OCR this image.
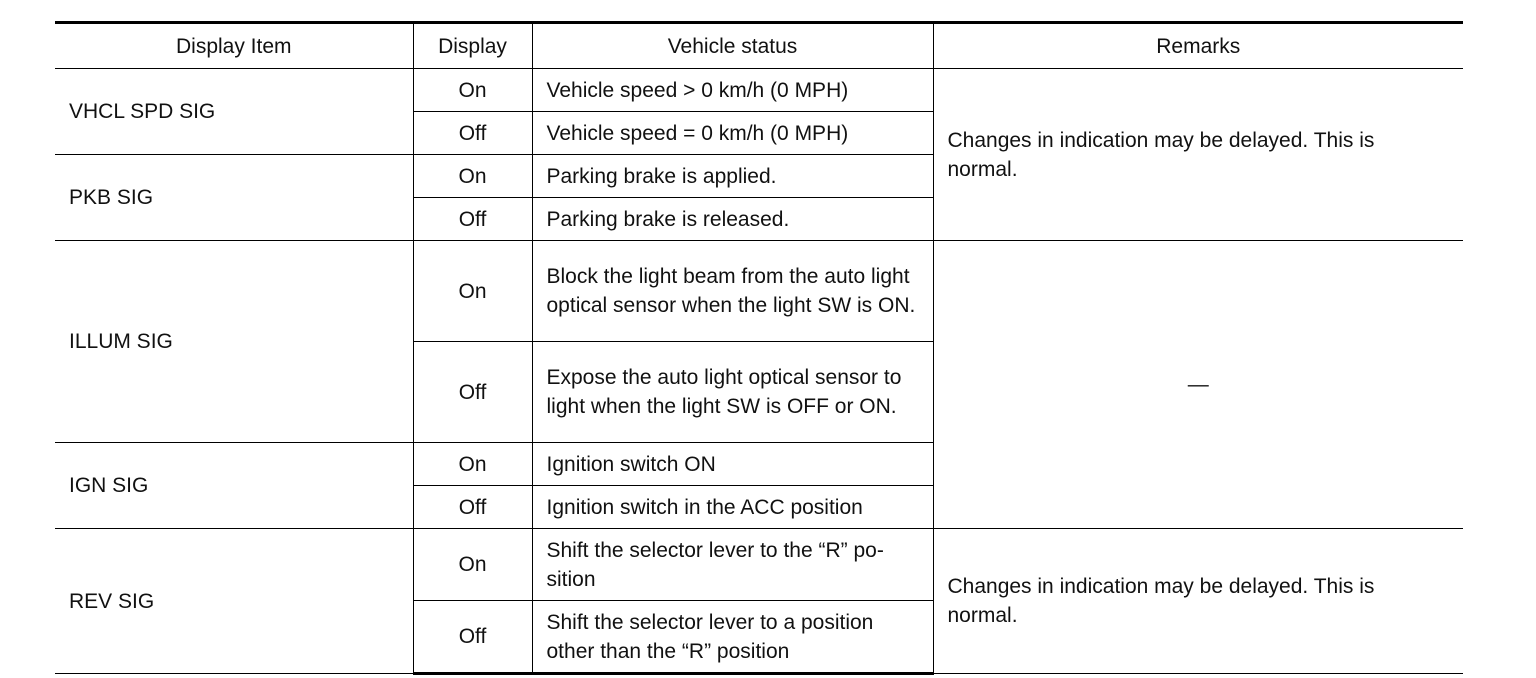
Display Item	Display	Vehicle status	Remarks
VHCL SPD SIG	On	Vehicle speed > 0 km/h (0 MPH)	Changes in indication may be delayed. This is normal.
	Off	Vehicle speed = 0 km/h (0 MPH)	
PKB SIG	On	Parking brake is applied.	
	Off	Parking brake is released.	
ILLUM SIG	On	Block the light beam from the auto light optical sensor when the light SW is ON.	—
	Off	Expose the auto light optical sensor to light when the light SW is OFF or ON.	
IGN SIG	On	Ignition switch ON	
	Off	Ignition switch in the ACC position	
REV SIG	On	Shift the selector lever to the “R” po-sition	Changes in indication may be delayed. This is normal.
	Off	Shift the selector lever to a position other than the “R” position	
